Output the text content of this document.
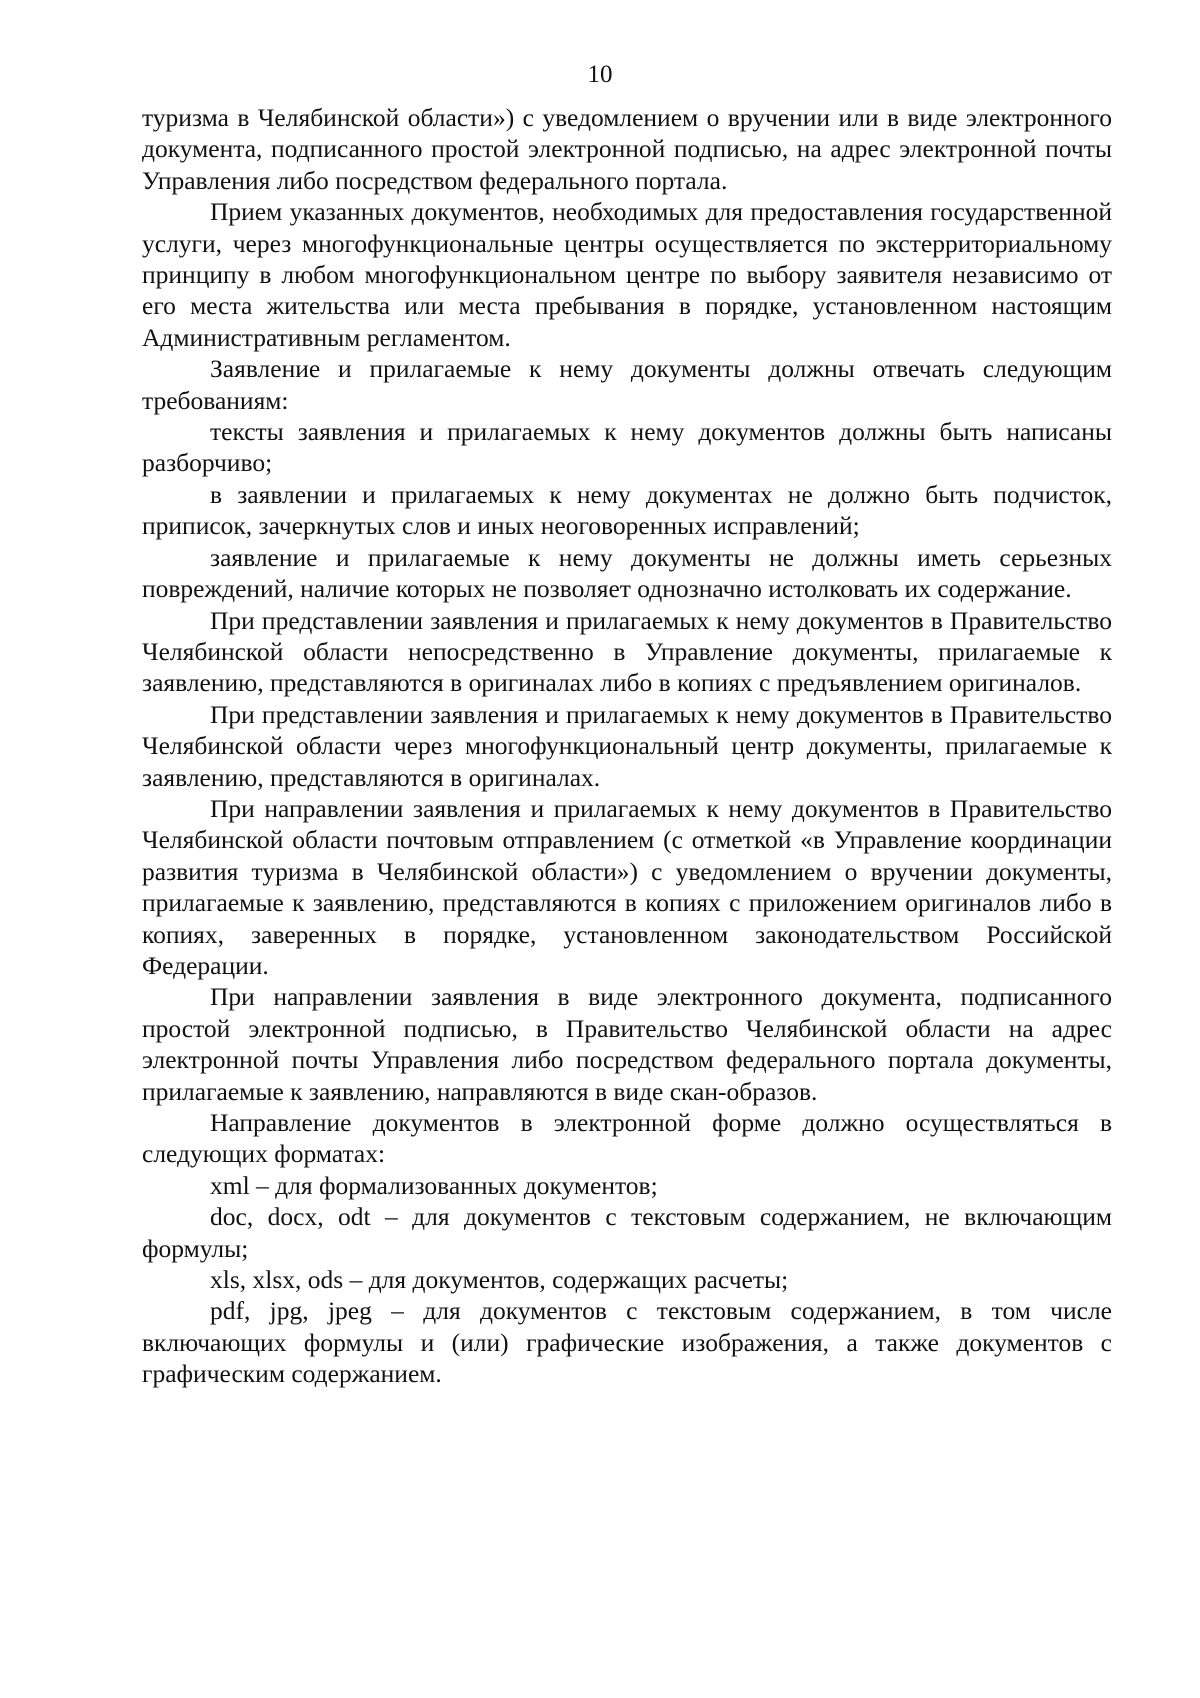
10

туризма в Челябинской области») с уведомлением о вручении или в виде электронного документа, подписанного простой электронной подписью, на адрес электронной почты Управления либо посредством федерального портала.

Прием указанных документов, необходимых для предоставления государственной услуги, через многофункциональные центры осуществляется по экстерриториальному принципу в любом многофункциональном центре по выбору заявителя независимо от его места жительства или места пребывания в порядке, установленном настоящим Административным регламентом.

Заявление и прилагаемые к нему документы должны отвечать следующим требованиям:

тексты заявления и прилагаемых к нему документов должны быть написаны разборчиво;

в заявлении и прилагаемых к нему документах не должно быть подчисток, приписок, зачеркнутых слов и иных неоговоренных исправлений;

заявление и прилагаемые к нему документы не должны иметь серьезных повреждений, наличие которых не позволяет однозначно истолковать их содержание.

При представлении заявления и прилагаемых к нему документов в Правительство Челябинской области непосредственно в Управление документы, прилагаемые к заявлению, представляются в оригиналах либо в копиях с предъявлением оригиналов.

При представлении заявления и прилагаемых к нему документов в Правительство Челябинской области через многофункциональный центр документы, прилагаемые к заявлению, представляются в оригиналах.

При направлении заявления и прилагаемых к нему документов в Правительство Челябинской области почтовым отправлением (с отметкой «в Управление координации развития туризма в Челябинской области») с уведомлением о вручении документы, прилагаемые к заявлению, представляются в копиях с приложением оригиналов либо в копиях, заверенных в порядке, установленном законодательством Российской Федерации.

При направлении заявления в виде электронного документа, подписанного простой электронной подписью, в Правительство Челябинской области на адрес электронной почты Управления либо посредством федерального портала документы, прилагаемые к заявлению, направляются в виде скан-образов.

Направление документов в электронной форме должно осуществляться в следующих форматах:

xml – для формализованных документов;

doc, docx, odt – для документов с текстовым содержанием, не включающим формулы;

xls, xlsx, ods – для документов, содержащих расчеты;

pdf, jpg, jpeg – для документов с текстовым содержанием, в том числе включающих формулы и (или) графические изображения, а также документов с графическим содержанием.
